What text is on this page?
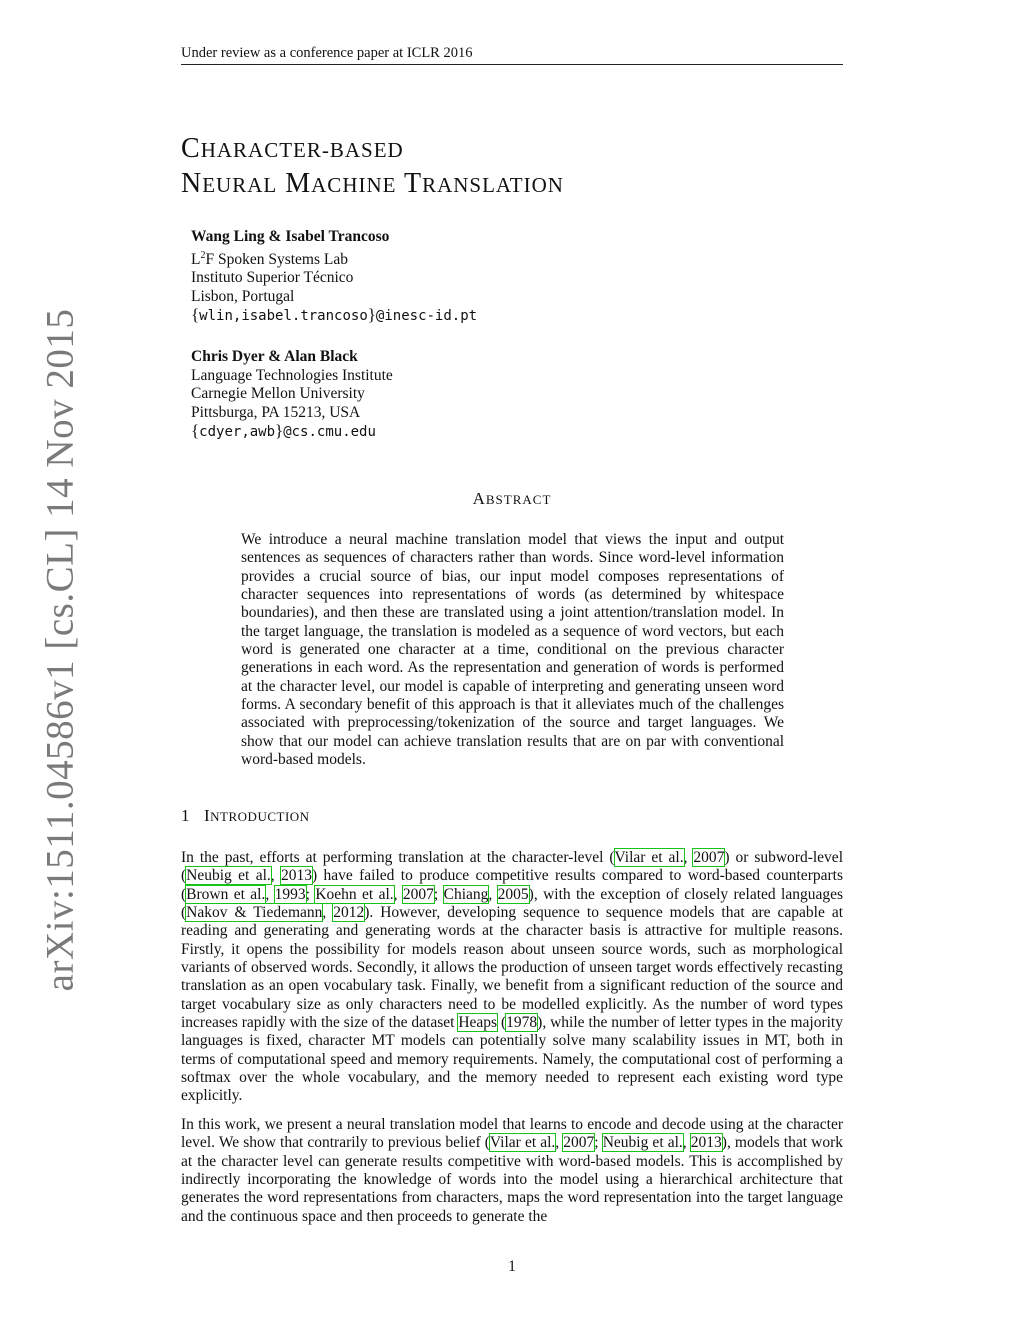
Under review as a conference paper at ICLR 2016
arXiv:1511.04586v1 [cs.CL] 14 Nov 2015
CHARACTER-BASED
NEURAL MACHINE TRANSLATION
Wang Ling & Isabel Trancoso
$L^2F$ Spoken Systems Lab
Instituto Superior Técnico
Lisbon, Portugal
{wlin,isabel.trancoso}@inesc-id.pt
Chris Dyer & Alan Black
Language Technologies Institute
Carnegie Mellon University
Pittsburga, PA 15213, USA
{cdyer,awb}@cs.cmu.edu
ABSTRACT
We introduce a neural machine translation model that views the input and output sentences as sequences of characters rather than words. Since word-level information provides a crucial source of bias, our input model composes representations of character sequences into representations of words (as determined by whitespace boundaries), and then these are translated using a joint attention/translation model. In the target language, the translation is modeled as a sequence of word vectors, but each word is generated one character at a time, conditional on the previous character generations in each word. As the representation and generation of words is performed at the character level, our model is capable of interpreting and generating unseen word forms. A secondary benefit of this approach is that it alleviates much of the challenges associated with preprocessing/tokenization of the source and target languages. We show that our model can achieve translation results that are on par with conventional word-based models.
1 INTRODUCTION
In the past, efforts at performing translation at the character-level (Vilar et al., 2007) or subword-level (Neubig et al., 2013) have failed to produce competitive results compared to word-based counterparts (Brown et al., 1993; Koehn et al., 2007; Chiang, 2005), with the exception of closely related languages (Nakov & Tiedemann, 2012). However, developing sequence to sequence models that are capable at reading and generating and generating words at the character basis is attractive for multiple reasons. Firstly, it opens the possibility for models reason about unseen source words, such as morphological variants of observed words. Secondly, it allows the production of unseen target words effectively recasting translation as an open vocabulary task. Finally, we benefit from a significant reduction of the source and target vocabulary size as only characters need to be modelled explicitly. As the number of word types increases rapidly with the size of the dataset Heaps (1978), while the number of letter types in the majority languages is fixed, character MT models can potentially solve many scalability issues in MT, both in terms of computational speed and memory requirements. Namely, the computational cost of performing a softmax over the whole vocabulary, and the memory needed to represent each existing word type explicitly.
In this work, we present a neural translation model that learns to encode and decode using at the character level. We show that contrarily to previous belief (Vilar et al., 2007; Neubig et al., 2013), models that work at the character level can generate results competitive with word-based models. This is accomplished by indirectly incorporating the knowledge of words into the model using a hierarchical architecture that generates the word representations from characters, maps the word representation into the target language and the continuous space and then proceeds to generate the
1
